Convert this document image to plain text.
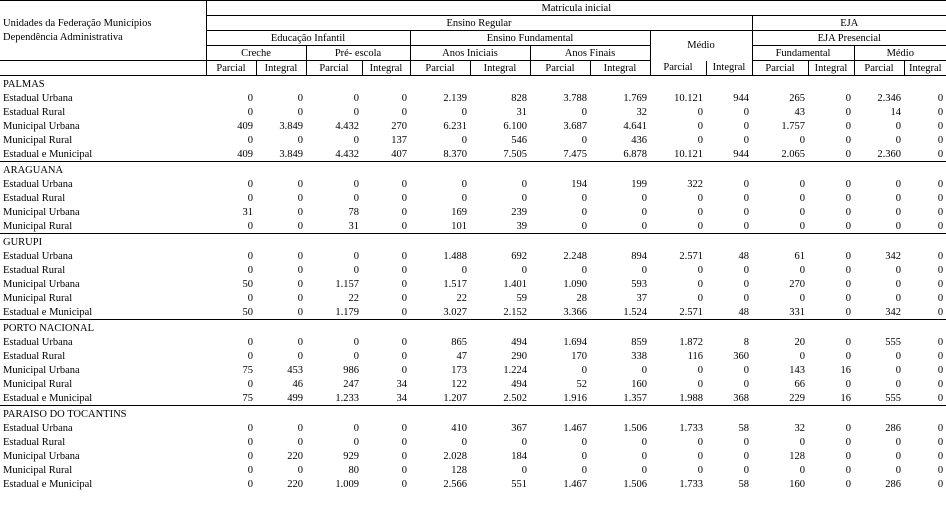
Unidades da Federação Municípios
Dependência Administrativa	Matrícula inicial													
	Ensino Regular										EJA			
	Educação Infantil				Ensino Fundamental				Médio		EJA Presencial			
	Creche		Pré- escola		Anos Iniciais		Anos Finais				Fundamental		Médio	
	Parcial	Integral	Parcial	Integral	Parcial	Integral	Parcial	Integral	Parcial	Integral	Parcial	Integral	Parcial	Integral
PALMAS														
Estadual Urbana	0	0	0	0	2.139	828	3.788	1.769	10.121	944	265	0	2.346	0
Estadual Rural	0	0	0	0	0	31	0	32	0	0	43	0	14	0
Municipal Urbana	409	3.849	4.432	270	6.231	6.100	3.687	4.641	0	0	1.757	0	0	0
Municipal Rural	0	0	0	137	0	546	0	436	0	0	0	0	0	0
Estadual e Municipal	409	3.849	4.432	407	8.370	7.505	7.475	6.878	10.121	944	2.065	0	2.360	0
ARAGUANA														
Estadual Urbana	0	0	0	0	0	0	194	199	322	0	0	0	0	0
Estadual Rural	0	0	0	0	0	0	0	0	0	0	0	0	0	0
Municipal Urbana	31	0	78	0	169	239	0	0	0	0	0	0	0	0
Municipal Rural	0	0	31	0	101	39	0	0	0	0	0	0	0	0
GURUPI														
Estadual Urbana	0	0	0	0	1.488	692	2.248	894	2.571	48	61	0	342	0
Estadual Rural	0	0	0	0	0	0	0	0	0	0	0	0	0	0
Municipal Urbana	50	0	1.157	0	1.517	1.401	1.090	593	0	0	270	0	0	0
Municipal Rural	0	0	22	0	22	59	28	37	0	0	0	0	0	0
Estadual e Municipal	50	0	1.179	0	3.027	2.152	3.366	1.524	2.571	48	331	0	342	0
PORTO NACIONAL														
Estadual Urbana	0	0	0	0	865	494	1.694	859	1.872	8	20	0	555	0
Estadual Rural	0	0	0	0	47	290	170	338	116	360	0	0	0	0
Municipal Urbana	75	453	986	0	173	1.224	0	0	0	0	143	16	0	0
Municipal Rural	0	46	247	34	122	494	52	160	0	0	66	0	0	0
Estadual e Municipal	75	499	1.233	34	1.207	2.502	1.916	1.357	1.988	368	229	16	555	0
PARAISO DO TOCANTINS														
Estadual Urbana	0	0	0	0	410	367	1.467	1.506	1.733	58	32	0	286	0
Estadual Rural	0	0	0	0	0	0	0	0	0	0	0	0	0	0
Municipal Urbana	0	220	929	0	2.028	184	0	0	0	0	128	0	0	0
Municipal Rural	0	0	80	0	128	0	0	0	0	0	0	0	0	0
Estadual e Municipal	0	220	1.009	0	2.566	551	1.467	1.506	1.733	58	160	0	286	0
